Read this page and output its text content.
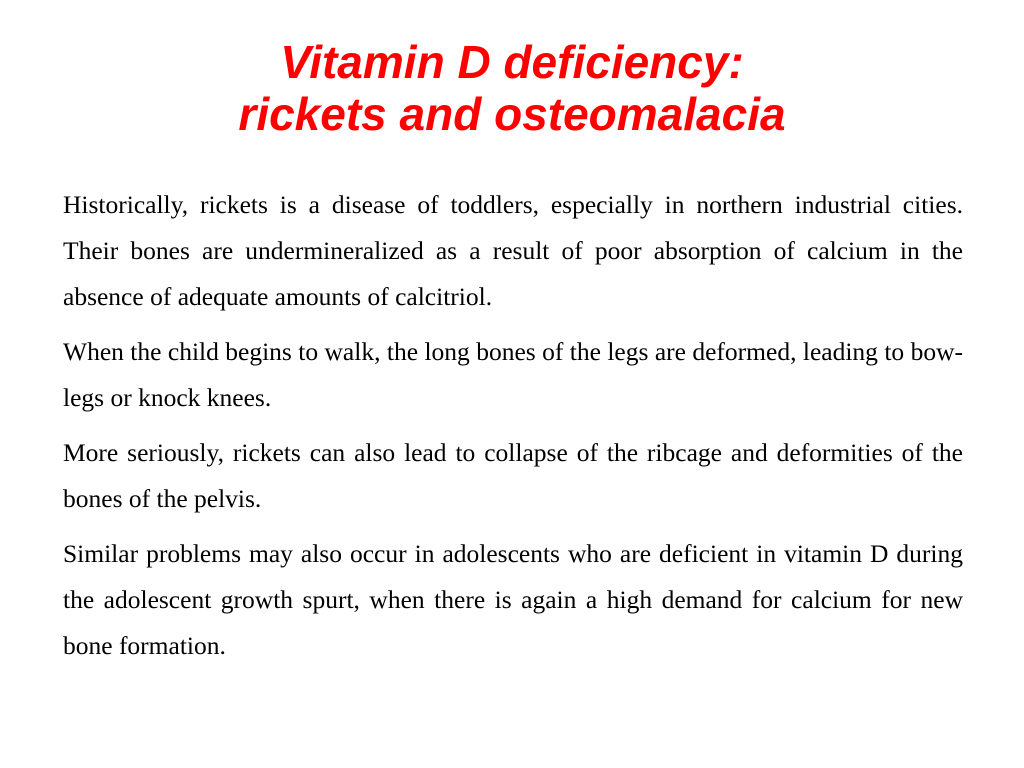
Vitamin D deficiency:
rickets and osteomalacia

Historically, rickets is a disease of toddlers, especially in northern industrial cities. Their bones are undermineralized as a result of poor absorption of calcium in the absence of adequate amounts of calcitriol.

When the child begins to walk, the long bones of the legs are deformed, leading to bow-legs or knock knees.

More seriously, rickets can also lead to collapse of the ribcage and deformities of the bones of the pelvis.

Similar problems may also occur in adolescents who are deficient in vitamin D during the adolescent growth spurt, when there is again a high demand for calcium for new bone formation.
